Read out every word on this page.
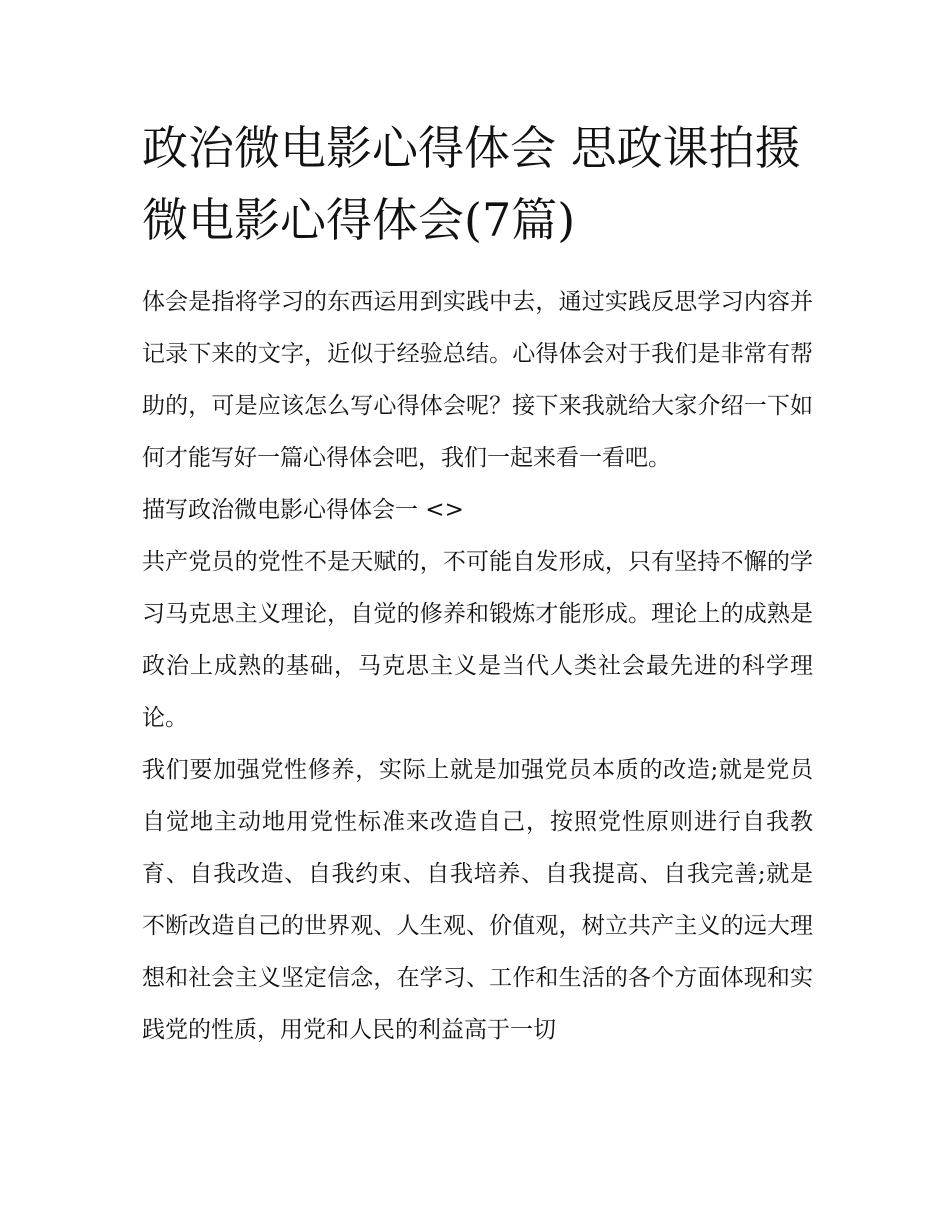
政治微电影心得体会 思政课拍摄微电影心得体会(7篇)

体会是指将学习的东西运用到实践中去，通过实践反思学习内容并记录下来的文字，近似于经验总结。心得体会对于我们是非常有帮助的，可是应该怎么写心得体会呢？接下来我就给大家介绍一下如何才能写好一篇心得体会吧，我们一起来看一看吧。

描写政治微电影心得体会一 <>

共产党员的党性不是天赋的，不可能自发形成，只有坚持不懈的学习马克思主义理论，自觉的修养和锻炼才能形成。理论上的成熟是政治上成熟的基础，马克思主义是当代人类社会最先进的科学理论。

我们要加强党性修养，实际上就是加强党员本质的改造;就是党员自觉地主动地用党性标准来改造自己，按照党性原则进行自我教育、自我改造、自我约束、自我培养、自我提高、自我完善;就是不断改造自己的世界观、人生观、价值观，树立共产主义的远大理想和社会主义坚定信念，在学习、工作和生活的各个方面体现和实践党的性质，用党和人民的利益高于一切
